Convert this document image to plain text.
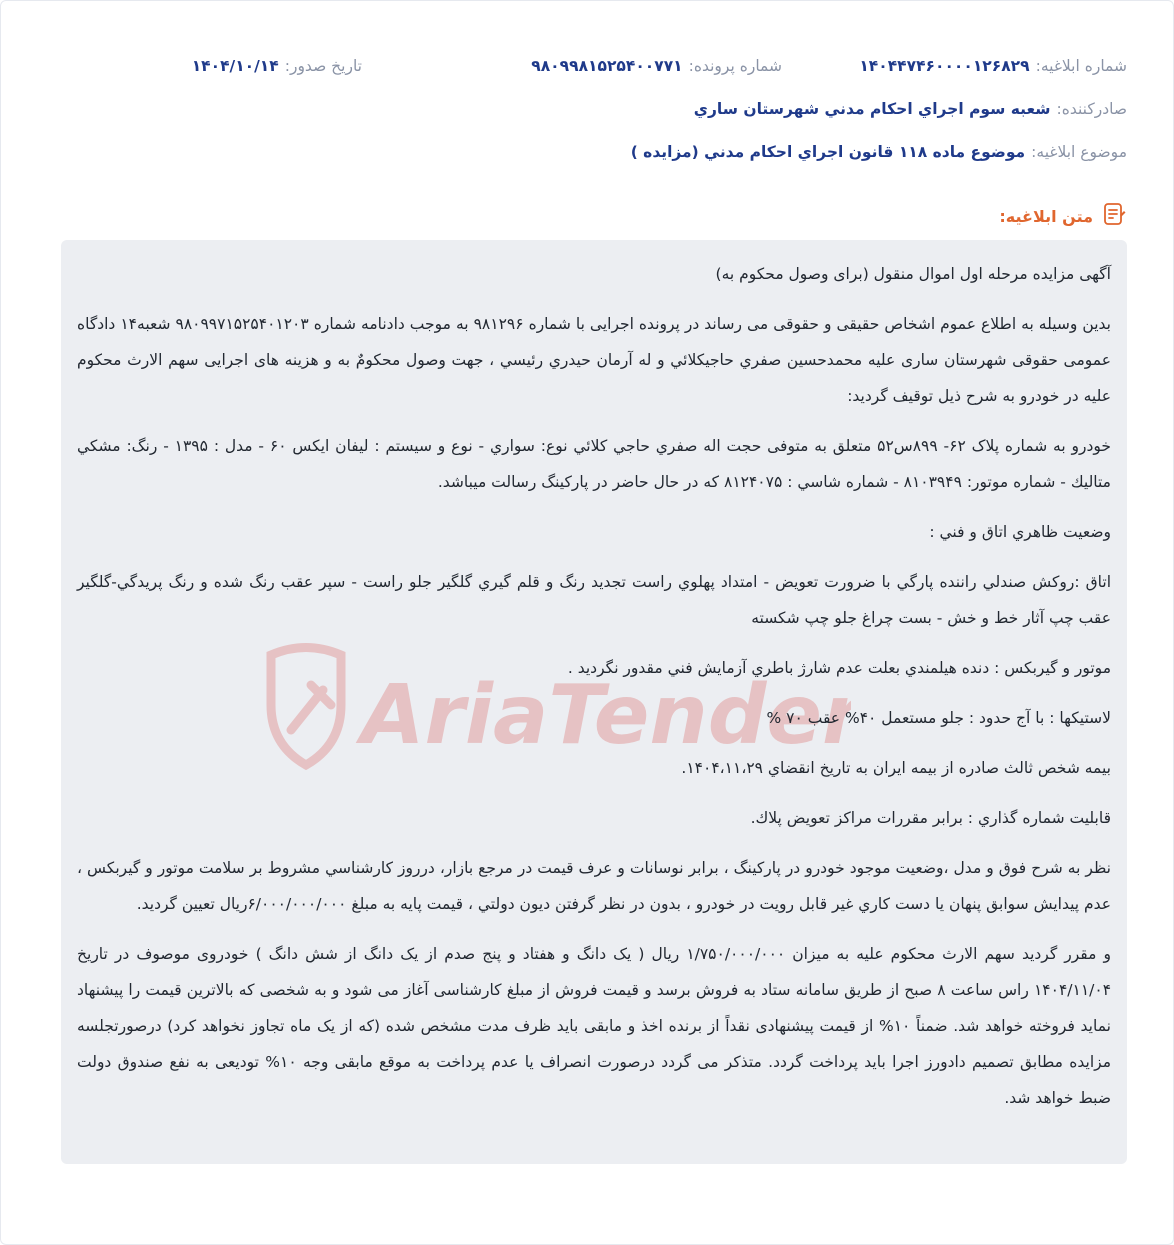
شماره ابلاغیه:
۱۴۰۴۴۷۴۶۰۰۰۰۱۲۶۸۲۹
شماره پرونده:
۹۸۰۹۹۸۱۵۲۵۴۰۰۷۷۱
تاریخ صدور:
۱۴۰۴/۱۰/۱۴
صادرکننده:
شعبه سوم اجراي احكام مدني شهرستان ساري
موضوع ابلاغیه:
موضوع ماده ۱۱۸ قانون اجراي احكام مدني (مزايده )
متن ابلاغیه:
AriaTender

آگهی مزایده مرحله اول اموال منقول (برای وصول محکوم به)

بدین وسیله به اطلاع عموم اشخاص حقیقی و حقوقی می رساند در پرونده اجرایی با شماره ۹۸۱۲۹۶ به موجب دادنامه شماره ۹۸۰۹۹۷۱۵۲۵۴۰۱۲۰۳ شعبه۱۴ دادگاه عمومی حقوقی شهرستان ساری علیه محمدحسین صفري حاجيكلائي و له آرمان حيدري رئيسي ، جهت وصول محکومٌ به و هزینه های اجرایی سهم الارث محکوم علیه در خودرو به شرح ذیل توقیف گردید:

خودرو به شماره پلاک ۶۲- ۸۹۹س۵۲ متعلق به متوفی حجت اله صفري حاجي كلائي نوع: سواري - نوع و سيستم : ليفان ايكس ۶۰ - مدل : ۱۳۹۵ - رنگ: مشكي متاليك - شماره موتور: ۸۱۰۳۹۴۹ - شماره شاسي : ۸۱۲۴۰۷۵ كه در حال حاضر در پاركينگ رسالت ميباشد.

وضعيت ظاهري اتاق و فني :

اتاق :روكش صندلي راننده پارگي با ضرورت تعويض - امتداد پهلوي راست تجديد رنگ و قلم گيري گلگير جلو راست - سپر عقب رنگ شده و رنگ پريدگي-گلگير عقب چپ آثار خط و خش - بست چراغ جلو چپ شكسته

موتور و گيربكس : دنده هيلمندي بعلت عدم شارژ باطري آزمايش فني مقدور نگرديد .

لاستيكها : با آج حدود : جلو مستعمل ۴۰% عقب ۷۰ %

بيمه شخص ثالث صادره از بيمه ايران به تاريخ انقضاي ۱۴۰۴،۱۱،۲۹.

قابليت شماره گذاري : برابر مقررات مراكز تعويض پلاك.

نظر به شرح فوق و مدل ،وضعيت موجود خودرو در پاركينگ ، برابر نوسانات و عرف قيمت در مرجع بازار، درروز كارشناسي مشروط بر سلامت موتور و گيربكس ، عدم پيدايش سوابق پنهان يا دست كاري غير قابل رويت در خودرو ، بدون در نظر گرفتن ديون دولتي ، قيمت پايه به مبلغ ۶/۰۰۰/۰۰۰/۰۰۰ريال تعيين گرديد.

و مقرر گردید سهم الارث محکوم علیه به میزان ۱/۷۵۰/۰۰۰/۰۰۰ ریال ( یک دانگ و هفتاد و پنج صدم از یک دانگ از شش دانگ ) خودروی موصوف در تاریخ ۱۴۰۴/۱۱/۰۴ راس ساعت ۸ صبح از طریق سامانه ستاد به فروش برسد و قیمت فروش از مبلغ کارشناسی آغاز می شود و به شخصی که بالاترین قیمت را پیشنهاد نماید فروخته خواهد شد. ضمناً ۱۰% از قیمت پیشنهادی نقداً از برنده اخذ و مابقی باید ظرف مدت مشخص شده (که از یک ماه تجاوز نخواهد کرد) درصورتجلسه مزایده مطابق تصمیم دادورز اجرا باید پرداخت گردد. متذکر می گردد درصورت انصراف یا عدم پرداخت به موقع مابقی وجه ۱۰% تودیعی به نفع صندوق دولت ضبط خواهد شد.
